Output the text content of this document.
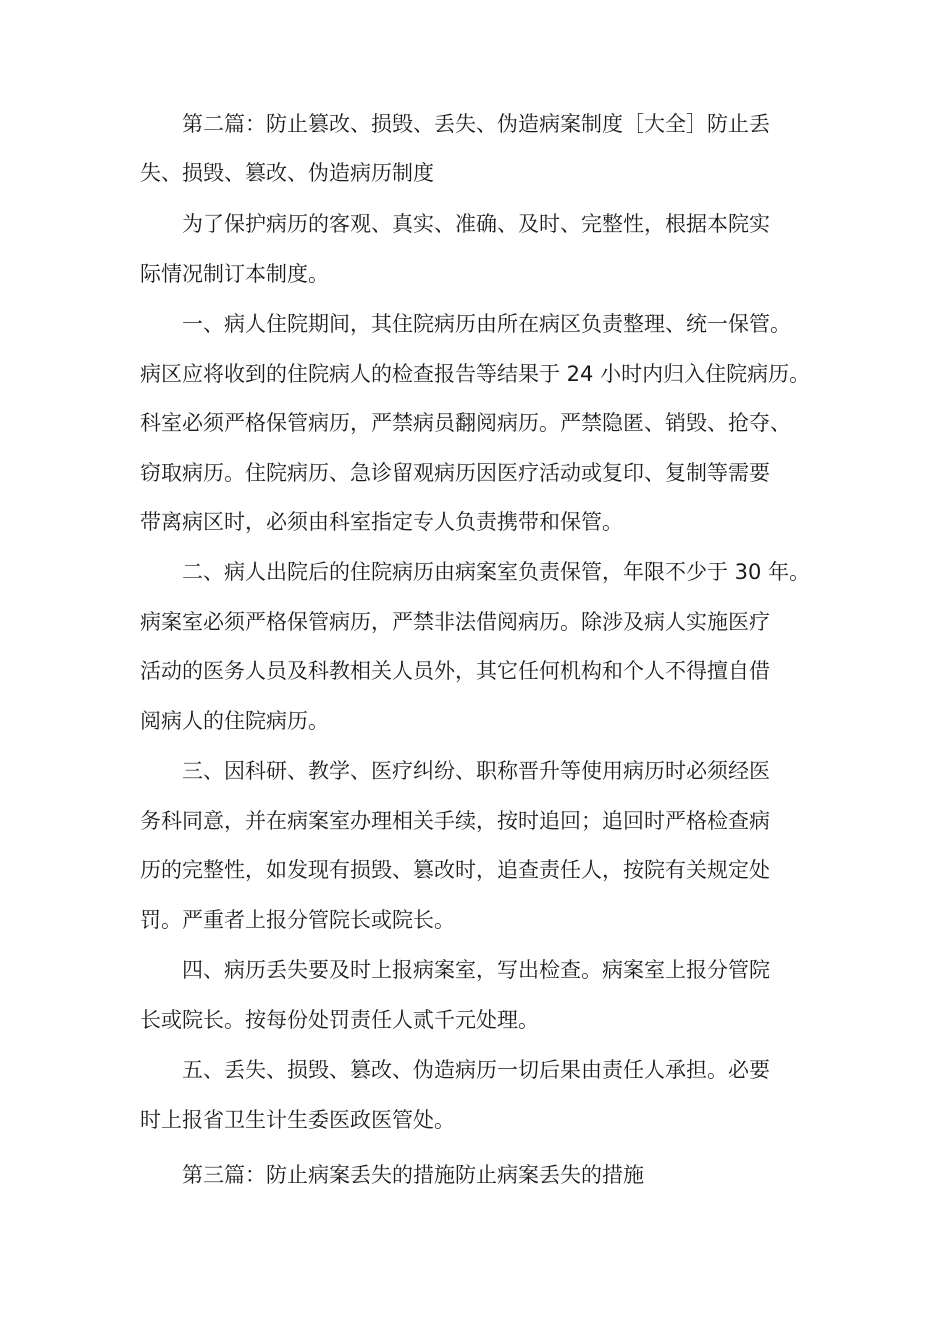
第二篇：防止篡改、损毁、丢失、伪造病案制度［大全］防止丢
失、损毁、篡改、伪造病历制度
为了保护病历的客观、真实、准确、及时、完整性，根据本院实
际情况制订本制度。
一、病人住院期间，其住院病历由所在病区负责整理、统一保管。
病区应将收到的住院病人的检查报告等结果于 24 小时内归入住院病历。
科室必须严格保管病历，严禁病员翻阅病历。严禁隐匿、销毁、抢夺、
窃取病历。住院病历、急诊留观病历因医疗活动或复印、复制等需要
带离病区时，必须由科室指定专人负责携带和保管。
二、病人出院后的住院病历由病案室负责保管，年限不少于 30 年。
病案室必须严格保管病历，严禁非法借阅病历。除涉及病人实施医疗
活动的医务人员及科教相关人员外，其它任何机构和个人不得擅自借
阅病人的住院病历。
三、因科研、教学、医疗纠纷、职称晋升等使用病历时必须经医
务科同意，并在病案室办理相关手续，按时追回；追回时严格检查病
历的完整性，如发现有损毁、篡改时，追查责任人，按院有关规定处
罚。严重者上报分管院长或院长。
四、病历丢失要及时上报病案室，写出检查。病案室上报分管院
长或院长。按每份处罚责任人贰千元处理。
五、丢失、损毁、篡改、伪造病历一切后果由责任人承担。必要
时上报省卫生计生委医政医管处。
第三篇：防止病案丢失的措施防止病案丢失的措施
